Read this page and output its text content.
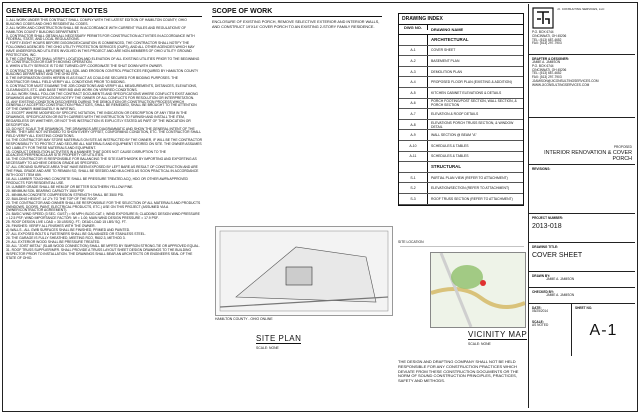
GENERAL PROJECT NOTES
1. ALL WORK UNDER THIS CONTRACT SHALL COMPLY WITH THE LATEST EDITION OF HAMILTON COUNTY, OHIO BUILDING CODES AND OHIO RESIDENTIAL CODES.
2. ALL WORK AND CONSTRUCTION SHALL BE IN ACCORDANCE WITH CURRENT 'RULES AND REGULATIONS' OF HAMILTON COUNTY BUILDING DEPARTMENT.
3. CONTRACTOR SHALL OBTAIN ALL NECESSARY PERMITS FOR CONSTRUCTION ACTIVITIES IN ACCORDANCE WITH FEDERAL, STATE, AND LOCAL REGULATIONS.
4. FORTY-EIGHT HOURS BEFORE DIGGING/EXCAVATION IS COMMENCED, THE CONTRACTOR SHALL NOTIFY THE FOLLOWING AGENCIES: THE OHIO UTILITY PROTECTION SERVICES (OUPS), AND ALL OTHER AGENCIES WHICH MAY HAVE UNDERGROUND UTILITIES INVOLVED IN THIS PROJECT AND ARE NON-MEMBERS OF OHIO UTILITY GROUND PROTECTION, INC.
5. THE CONTRACTOR SHALL VERIFY LOCATION AND ELEVATION OF ALL EXISTING UTILITIES PRIOR TO THE BEGINNING OF CONSTRUCTION OR EARTH MOVING OPERATION.
6. WHEN UTILITY SERVICE IS TO BE TURNED-OFF-COORDINATE THE SHUT DOWN WITH OWNER.
7. CONTRACTOR SHALL IMPLEMENT ALL SOIL AND EROSION CONTROL PRACTICES REQUIRED BY HAMILTON COUNTY BUILDING DEPARTMENT AND THE OHIO EPA.
8. THE INFORMATION GIVEN HEREIN IS AS EXACT AS COULD BE SECURED FOR BIDDING PURPOSES. THE CONTRACTOR SHALL FIELD VERIFY ALL CONDITIONS PRIOR TO BIDDING.
9. CONTRACTOR MUST EXAMINE THE JOB CONDITIONS AND VERIFY ALL MEASUREMENTS, DISTANCES, ELEVATIONS, CLEARANCES, ETC. AND BASE THEIR BID AND WORK ON VERIFIED CONDITIONS.
10. ALL WORK SHALL FOLLOW THE CONTRACT DOCUMENTS AND SPECIFICATIONS WHERE CONFLICTS EXIST AMONG DRAWINGS AND SPECIFICATIONS NOTIFY THE OWNER OF ALL CONFLICTS FOR RESOLUTION OR INTERPRETATION.
11. ANY EXISTING CONDITION DISCOVERED DURING THE DEMOLITION OR CONSTRUCTION PROCESS WHICH GENERALLY ACCEPTED CONSTRUCTION PRACTICES, SHALL BE REMEDIED, SHALL BE BROUGHT TO THE ATTENTION OF THE OWNER IMMEDIATELY IN WRITING.
12. EXCEPT WHERE MODIFIED BY SPECIFIC NOTATION, THE INDICATION OR DESCRIPTION OF ANY ITEM IN THE DRAWINGS, SPECIFICATION OR BOTH CARRIES WITH THE INSTRUCTION TO FURNISH AND INSTALL THE ITEM, REGARDLESS OR WHETHER, OR NOT THIS INSTRUCTION IS EXPLICITLY STATED AS PART OF THE INDICATION OR DESCRIPTION.
13. DO NOT SCALE THE DRAWINGS. THE DRAWINGS ARE DIAGRAMMATIC AND SHOW THE GENERAL INTENT OF THE WORK. THEY ARE NOT INTENDED TO SHOW EVERY OFFSET, CONFORMING CONDITION, ETC. THE CONTRACTOR SHALL FIELD VERIFY ALL EXISTING CONDITIONS.
14. THE CONTRACTOR MAY STORE MATERIALS ON SITE AS INSTRUCTED BY THE OWNER, IF WILL BE THE CONTRACTOR RESPONSIBILITY TO PROTECT AND SECURE ALL MATERIALS AND EQUIPMENT STORED ON SITE. THE OWNER ASSUMES NO LIABILITY FOR THESE MATERIALS AND EQUIPMENT.
15. CONDUCT DEMOLITION ACTIVITIES IN A MANNER THAT DOES NOT CAUSE DISRUPTION TO THE ADJACENT/PERPENDICULAR SITE PROPERTY OR UTILITIES.
16. THE CONTRACTOR IS RESPONSIBLE FOR BALANCING THE SITE EARTHWORK BY IMPORTING AND EXPORTING AS NECESSARY TO ACHIEVE DESIGN GRADE AS SPECIFIED.
17. ALL GROUND SURFACE AREA THAT HAVE BEEN EXPOSED BY LEFT BARE AS RESULT OF CONSTRUCTION AND ARE THE FINAL GRADE AND ARE TO REMAIN SO, SHALL BE SEEDED AND MULCHED AS SOON PRACTICAL IN ACCORDANCE WITH GOOT ITEM 659.
18. ALL LUMBER TOUCHING CONCRETE SHALL BE PRESSURE TREATED ACQ, HDO OR OTHER AWPA APPROVED PRODUCTS FOR RESIDENTIAL USE.
19. LUMBER GRADE SHALL BE HEM-DF OR BETTER SOUTHERN YELLOW PINE.
20. MINIMUM SOIL BEARING CAPACITY 1500 PSF.
21. MINIMUM CONCRETE COMPRESSION STRENGTH SHALL BE 3500 PSI.
22. BUILDING HEIGHT: 14'-2"± TO THE TOP OF THE ROOF.
23. THE CONTRACTOR AND OWNER SHALL BE RESPONSIBLE FOR THE SELECTION OF ALL MATERIALS AND PRODUCTS (WINDOWS, DOORS, PAINT, ELECTRICAL PRODUCTS, ETC.) USE ON THIS PROJECT (ASSUMED VIA A OWNER/CONTRACTOR AGREEMENT).
24. BASIC WIND SPEED (3 SEC. GUST) = 90 MPH; BLDG CAT. I; WIND EXPOSURE B; CLADDING DESIGN WIND PRESSURE = 12.5 PSF; WIND IMPORTANCE FACTOR: IW = 1.00; MAIN WIND DESIGN PRESSURE = 17.9 PSF.
25. ROOF DESIGN LIVE LOAD = 30 LBS/SQ. FT.; DEAD LOAD 15 LBS/ SQ. FT.
26. FINISHES: VERIFY ALL FINISHES WITH THE OWNER.
A) WALLS - ALL GWB SURFACES SHALL BE FINISHED, PRIMED AND PAINTED.
27. ALL EXPOSED BOLTS & FASTENERS SHALL BE GALVANIZED OR STAINLESS STEEL.
28. THE GARAGE IS FULLY SHEATHED, MEETING RCO, R602.3, METHOD 3.
29. ALL EXTERIOR WOOD SHALL BE PRESSURE TREATED.
30. ALL "JOIST METAL" (SLAB WOOD CONNECTION) SHALL BE MFRTD BY SIMPSON STRONG-TIE OR APPROVED EQUAL.
31. ROOF TRUSS SUPPLIER/MFR. SHALL PROVIDE A TRUSS LAYOUT SHEET DESIGN DRAWINGS TO THE BUILDING INSPECTOR PRIOR TO INSTALLATION. THE DRAWINGS SHALL BEAR AN ARCHITECTS OR ENGINEERS SEAL OF THE STATE OF OHIO.
SCOPE OF WORK
ENCLOSURE OF EXISTING PORCH, REMOVE SELECTIVE EXTERIOR AND INTERIOR WALLS, AND CONSTRUCT 19'X14' COVER PORCH TO AN EXISTING 2-STORY FAMILY RESIDENCE.
DRAWING INDEX
DWG NO.	DRAWING NAME
ARCHITECTURAL
A-1	COVER SHEET
A-2	BASEMENT PLAN
A-3	DEMOLITION PLAN
A-4	PROPOSED FLOOR PLAN (EXISTING & ADDITION)
A-5	KITCHEN CABINET ELEVATIONS & DETAILS
A-6	PORCH FOOTING/POST SECTION, WALL SECTION, & PORCH SECTION
A-7	ELEVATION & ROOF DETAILS
A-8	ELEVATIONS PORCH TRUSS SECTION, & WINDOW DETAIL
A-9	WALL SECTION @ BEAM "A"
A-10	SCHEDULES & TABLES
A-11	SCHEDULES & TABLES
STRUCTURAL
S-1	PARTIAL PLAN VIEW (REFER TO ATTACHMENT)
S-2	ELEVATION/SECTION (REFER TO ATTACHMENT)
S-3	ROOF TRUSS SECTION (REFER TO ATTACHMENT)
SITE LOCATION
HAMILTON COUNTY - OHIO ONLINE
SITE PLAN
SCALE: NONE
VICINITY MAP
SCALE: NONE
THE DESIGN AND DRAFTING COMPANY SHALL NOT BE HELD RESPONSIBLE FOR ANY CONSTRUCTION PRACTICES WHICH DEVIATE FROM THESE CONSTRUCTION DOCUMENTS OR THE NORM OF SOUND CONSTRUCTION PRINCIPLES, PRACTICES, SAFETY AND METHODS.
J.I. CONSULTING SERVICES, LLC
P.O. BOX 6744
CINCINNATI, OH 45206
TEL: (513) 687-4652
FAX: (513) 297-7903
DRAFTER & DESIGNER:
JAMIE A. JAMISON
P.O. BOX 6744
CINCINNATI, OH 45206
TEL: (513) 687-4652
FAX: (513) 297-7903
JJAMISON@JICONSULTINGSERVICES.COM
WWW.JICONSULTINGSERVICES.COM
PROPOSED
INTERIOR RENOVATION & COVER PORCH
REVISIONS:
PROJECT NUMBER:
2013-018
DRAWING TITLE:
COVER SHEET
DRAWN BY:
JAMIE A. JAMISON
CHECKED BY:
JAMIE A. JAMISON
DATE:
05/25/2014
SCALE:
AS NOTED
SHEET NO.
A-1
